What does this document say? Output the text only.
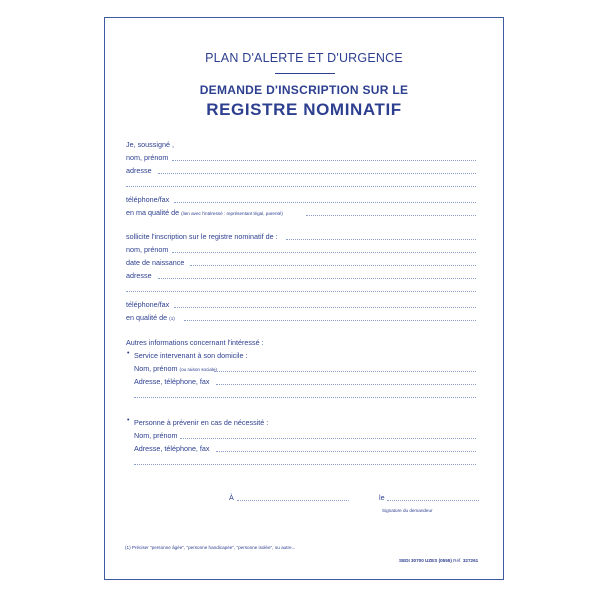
PLAN D'ALERTE ET D'URGENCE
DEMANDE D'INSCRIPTION SUR LE
REGISTRE NOMINATIF
Je, soussigné ,
nom, prénom
adresse
téléphone/fax
en ma qualité de (lien avec l'intéressé : représentant légal, parenté)
sollicite l'inscription sur le registre nominatif de :
nom, prénom
date de naissance
adresse
téléphone/fax
en qualité de (1)
Autres informations concernant l'intéressé :
• Service intervenant à son domicile :
Nom, prénom (ou raison sociale)
Adresse, téléphone, fax
• Personne à prévenir en cas de nécessité :
Nom, prénom
Adresse, téléphone, fax
À	le
Signature du demandeur
(1) Préciser "personne âgée", "personne handicapée", "personne isolée", ou autre...
SEDI 30700 UZES (0555) Réf. 327261
